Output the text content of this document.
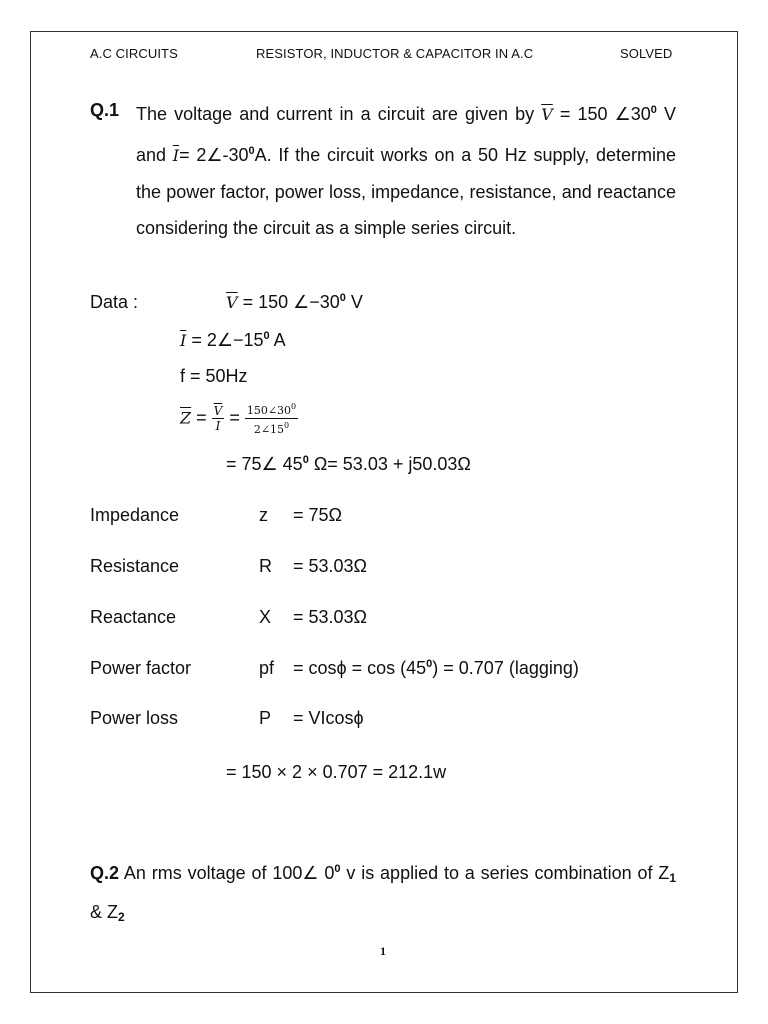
A.C CIRCUITS	RESISTOR, INDUCTOR & CAPACITOR IN A.C	SOLVED
Q.1 The voltage and current in a circuit are given by $\overline{V} = 150$ $\angle 30^0$ V and $\overline{I}=$ $2\angle-30^0A$. If the circuit works on a 50 Hz supply, determine the power factor, power loss, impedance, resistance, and reactance considering the circuit as a simple series circuit.
Data :	$\overline{V} = 150$ $\angle-30^0$ V
$\overline{I}$ = $2\angle-15^0$ A
f = 50Hz
$\overline{Z} = \frac{\overline{V}}{I} = \frac{150\angle 30^0}{2\angle 15^0}$
= 75∠ $45^0$ Ω= 53.03 + j50.03Ω
Impedance	z = 75Ω
Resistance	R = 53.03Ω
Reactance	X = 53.03Ω
Power factor	pf = $\cos\phi = \cos (45^0) = 0.707$ (lagging)
Power loss	P = VIcosϕ
= 150 × 2 × 0.707 = 212.1w
Q.2 An rms voltage of 100∠ $0^0$ v is applied to a series combination of $Z_1$ & $Z_2$
1
